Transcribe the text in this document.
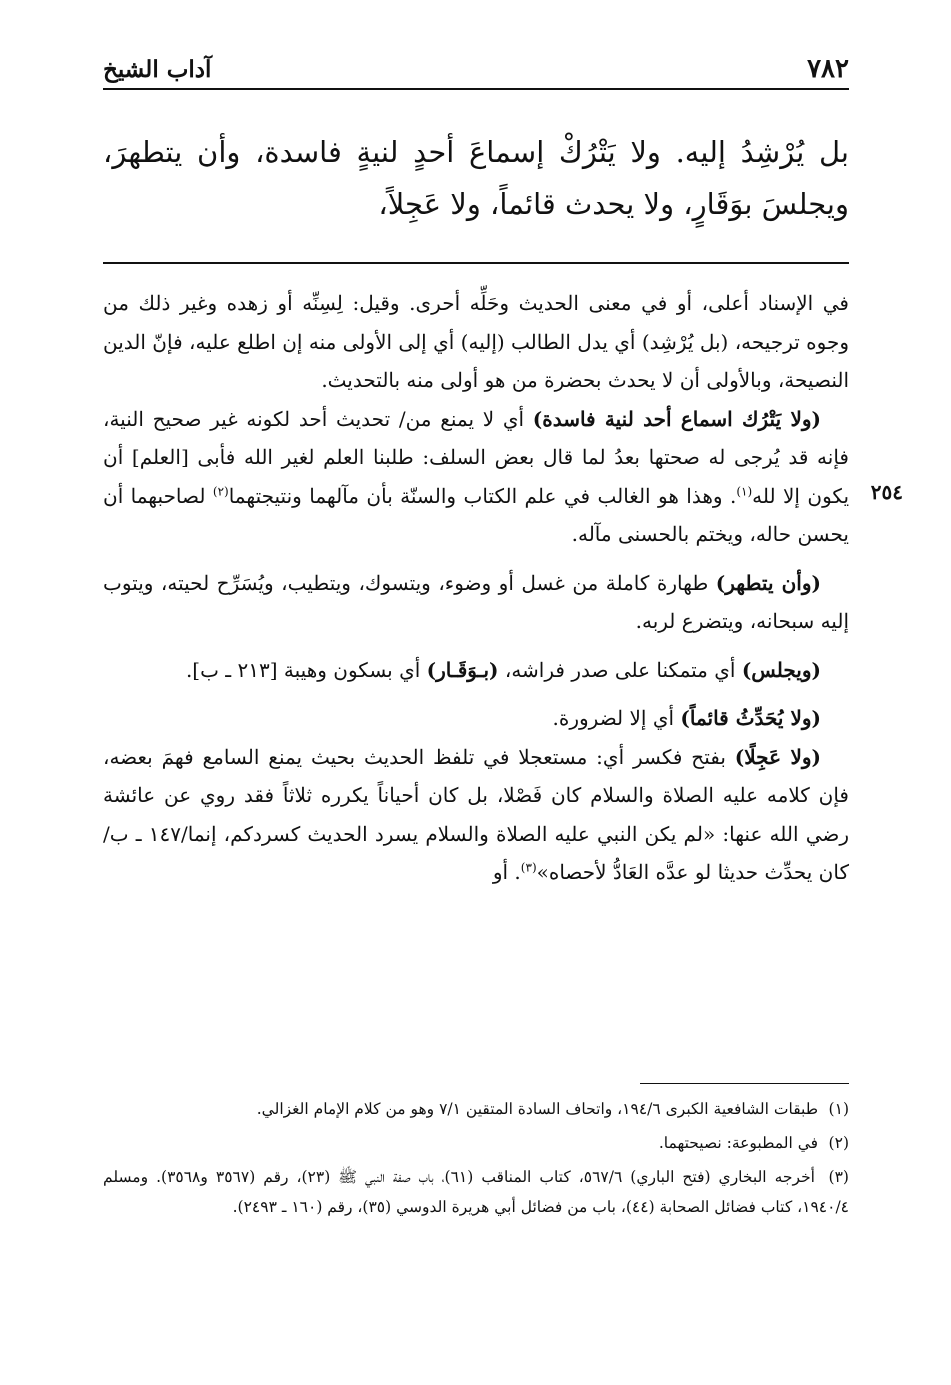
٧٨٢
آداب الشيخ
بل يُرْشِدُ إليه. ولا يَتْرُكْ إسماعَ أحدٍ لنيةٍ فاسدة، وأن يتطهرَ، ويجلسَ بوَقَارٍ، ولا يحدث قائماً، ولا عَجِلاً،
٢٥٤

في الإسناد أعلى، أو في معنى الحديث وحَلِّه أحرى. وقيل: لِسِنِّه أو زهده وغير ذلك من وجوه ترجيحه، (بل يُرْشِد) أي يدل الطالب (إليه) أي إلى الأولى منه إن اطلع عليه، فإنّ الدين النصيحة، وبالأولى أن لا يحدث بحضرة من هو أولى منه بالتحديث.

(ولا يَتْرُك اسماع أحد لنية فاسدة) أي لا يمنع من/ تحديث أحد لكونه غير صحيح النية، فإنه قد يُرجى له صحتها بعدُ لما قال بعض السلف: طلبنا العلم لغير الله فأبى [العلم] أن يكون إلا لله$^{(١)}$. وهذا هو الغالب في علم الكتاب والسنّة بأن مآلهما ونتيجتهما$^{(٢)}$ لصاحبهما أن يحسن حاله، ويختم بالحسنى مآله.

(وأن يتطهر) طهارة كاملة من غسل أو وضوء، ويتسوك، ويتطيب، ويُسَرِّح لحيته، ويتوب إليه سبحانه، ويتضرع لربه.

(ويجلس) أي متمكنا على صدر فراشه، (بـوَقَـار) أي بسكون وهيبة [٢١٣ ـ ب].

(ولا يُحَدِّثُ قائماً) أي إلا لضرورة.

(ولا عَجِلًا) بفتح فكسر أي: مستعجلا في تلفظ الحديث بحيث يمنع السامع فهمَ بعضه، فإن كلامه عليه الصلاة والسلام كان فَصْلا، بل كان أحياناً يكرره ثلاثاً فقد روي عن عائشة رضي الله عنها: «لم يكن النبي عليه الصلاة والسلام يسرد الحديث كسردكم، إنما/١٤٧ ـ ب/كان يحدِّث حديثا لو عدَّه العَادُّ لأحصاه»$^{(٣)}$. أو

(١) طبقات الشافعية الكبرى ١٩٤/٦، واتحاف السادة المتقين ٧/١ وهو من كلام الإمام الغزالي.

(٢) في المطبوعة: نصيحتهما.

(٣) أخرجه البخاري (فتح الباري) ٥٦٧/٦، كتاب المناقب (٦١)، باب صفة النبي ﷺ (٢٣)، رقم (٣٥٦٧ و٣٥٦٨). ومسلم ١٩٤٠/٤، كتاب فضائل الصحابة (٤٤)، باب من فضائل أبي هريرة الدوسي (٣٥)، رقم (١٦٠ ـ ٢٤٩٣).
